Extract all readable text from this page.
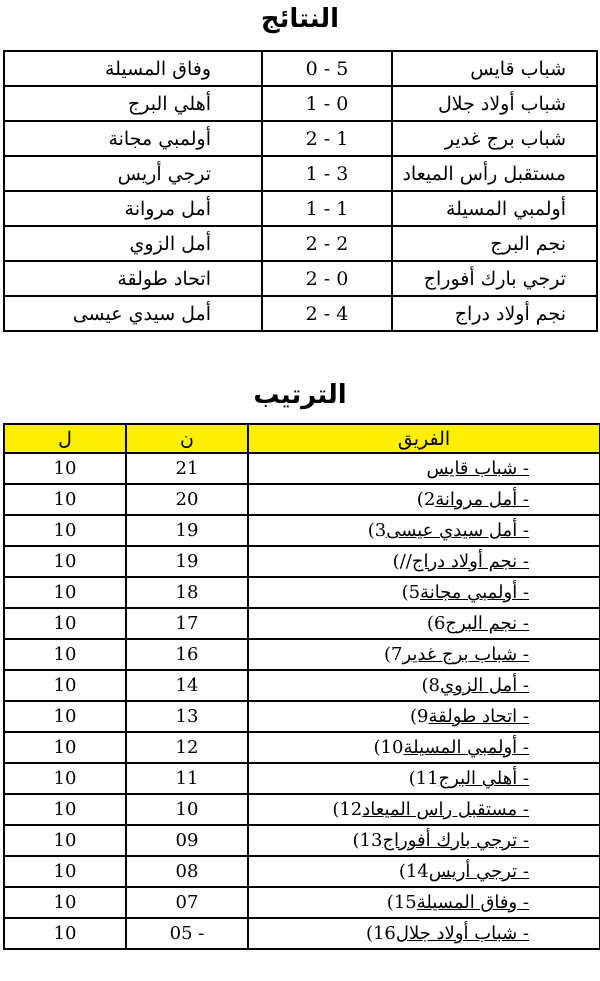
النتائج
شباب قايس	0 - 5	وفاق المسيلة
شباب أولاد جلال	1 - 0	أهلي البرج
شباب برج غدير	2 - 1	أولمبي مجانة
مستقبل رأس الميعاد	1 - 3	ترجي أريس
أولمبي المسيلة	1 - 1	أمل مروانة
نجم البرج	2 - 2	أمل الزوي
ترجي بارك أفوراج	2 - 0	اتحاد طولقة
نجم أولاد دراج	2 - 4	أمل سيدي عيسى
الترتيب
الفريق	ن	ل
- شباب قايس	21	10
- أمل مروانة2)	20	10
- أمل سيدي عيسى3)	19	10
- نجم أولاد دراج//)	19	10
- أولمبي مجانة5)	18	10
- نجم البرج6)	17	10
- شباب برج غدير7)	16	10
- أمل الزوي8)	14	10
- اتحاد طولقة9)	13	10
- أولمبي المسيلة10)	12	10
- أهلي البرج11)	11	10
- مستقبل راس الميعاد12)	10	10
- ترجي بارك أفوراج13)	09	10
- ترجي أريس14)	08	10
- وفاق المسيلة15)	07	10
- شباب أولاد جلال16)	05 -	10
